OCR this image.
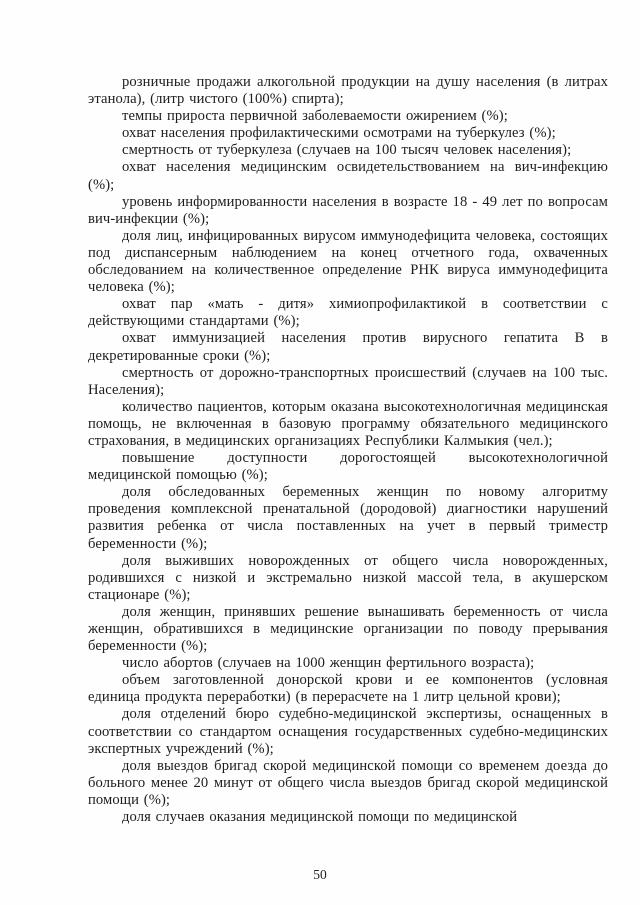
розничные продажи алкогольной продукции на душу населения (в литрах этанола), (литр чистого (100%) спирта);

темпы прироста первичной заболеваемости ожирением (%);

охват населения профилактическими осмотрами на туберкулез (%);

смертность от туберкулеза (случаев на 100 тысяч человек населения);

охват населения медицинским освидетельствованием на вич-инфекцию (%);

уровень информированности населения в возрасте 18 - 49 лет по вопросам вич-инфекции (%);

доля лиц, инфицированных вирусом иммунодефицита человека, состоящих под диспансерным наблюдением на конец отчетного года, охваченных обследованием на количественное определение РНК вируса иммунодефицита человека (%);

охват пар «мать - дитя» химиопрофилактикой в соответствии с действующими стандартами (%);

охват иммунизацией населения против вирусного гепатита В в декретированные сроки (%);

смертность от дорожно-транспортных происшествий (случаев на 100 тыс. Населения);

количество пациентов, которым оказана высокотехнологичная медицинская помощь, не включенная в базовую программу обязательного медицинского страхования, в медицинских организациях Республики Калмыкия (чел.);

повышение доступности дорогостоящей высокотехнологичной медицинской помощью (%);

доля обследованных беременных женщин по новому алгоритму проведения комплексной пренатальной (дородовой) диагностики нарушений развития ребенка от числа поставленных на учет в первый триместр беременности (%);

доля выживших новорожденных от общего числа новорожденных, родившихся с низкой и экстремально низкой массой тела, в акушерском стационаре (%);

доля женщин, принявших решение вынашивать беременность от числа женщин, обратившихся в медицинские организации по поводу прерывания беременности (%);

число абортов (случаев на 1000 женщин фертильного возраста);

объем заготовленной донорской крови и ее компонентов (условная единица продукта переработки) (в перерасчете на 1 литр цельной крови);

доля отделений бюро судебно-медицинской экспертизы, оснащенных в соответствии со стандартом оснащения государственных судебно-медицинских экспертных учреждений (%);

доля выездов бригад скорой медицинской помощи со временем доезда до больного менее 20 минут от общего числа выездов бригад скорой медицинской помощи (%);

доля случаев оказания медицинской помощи по медицинской

50
